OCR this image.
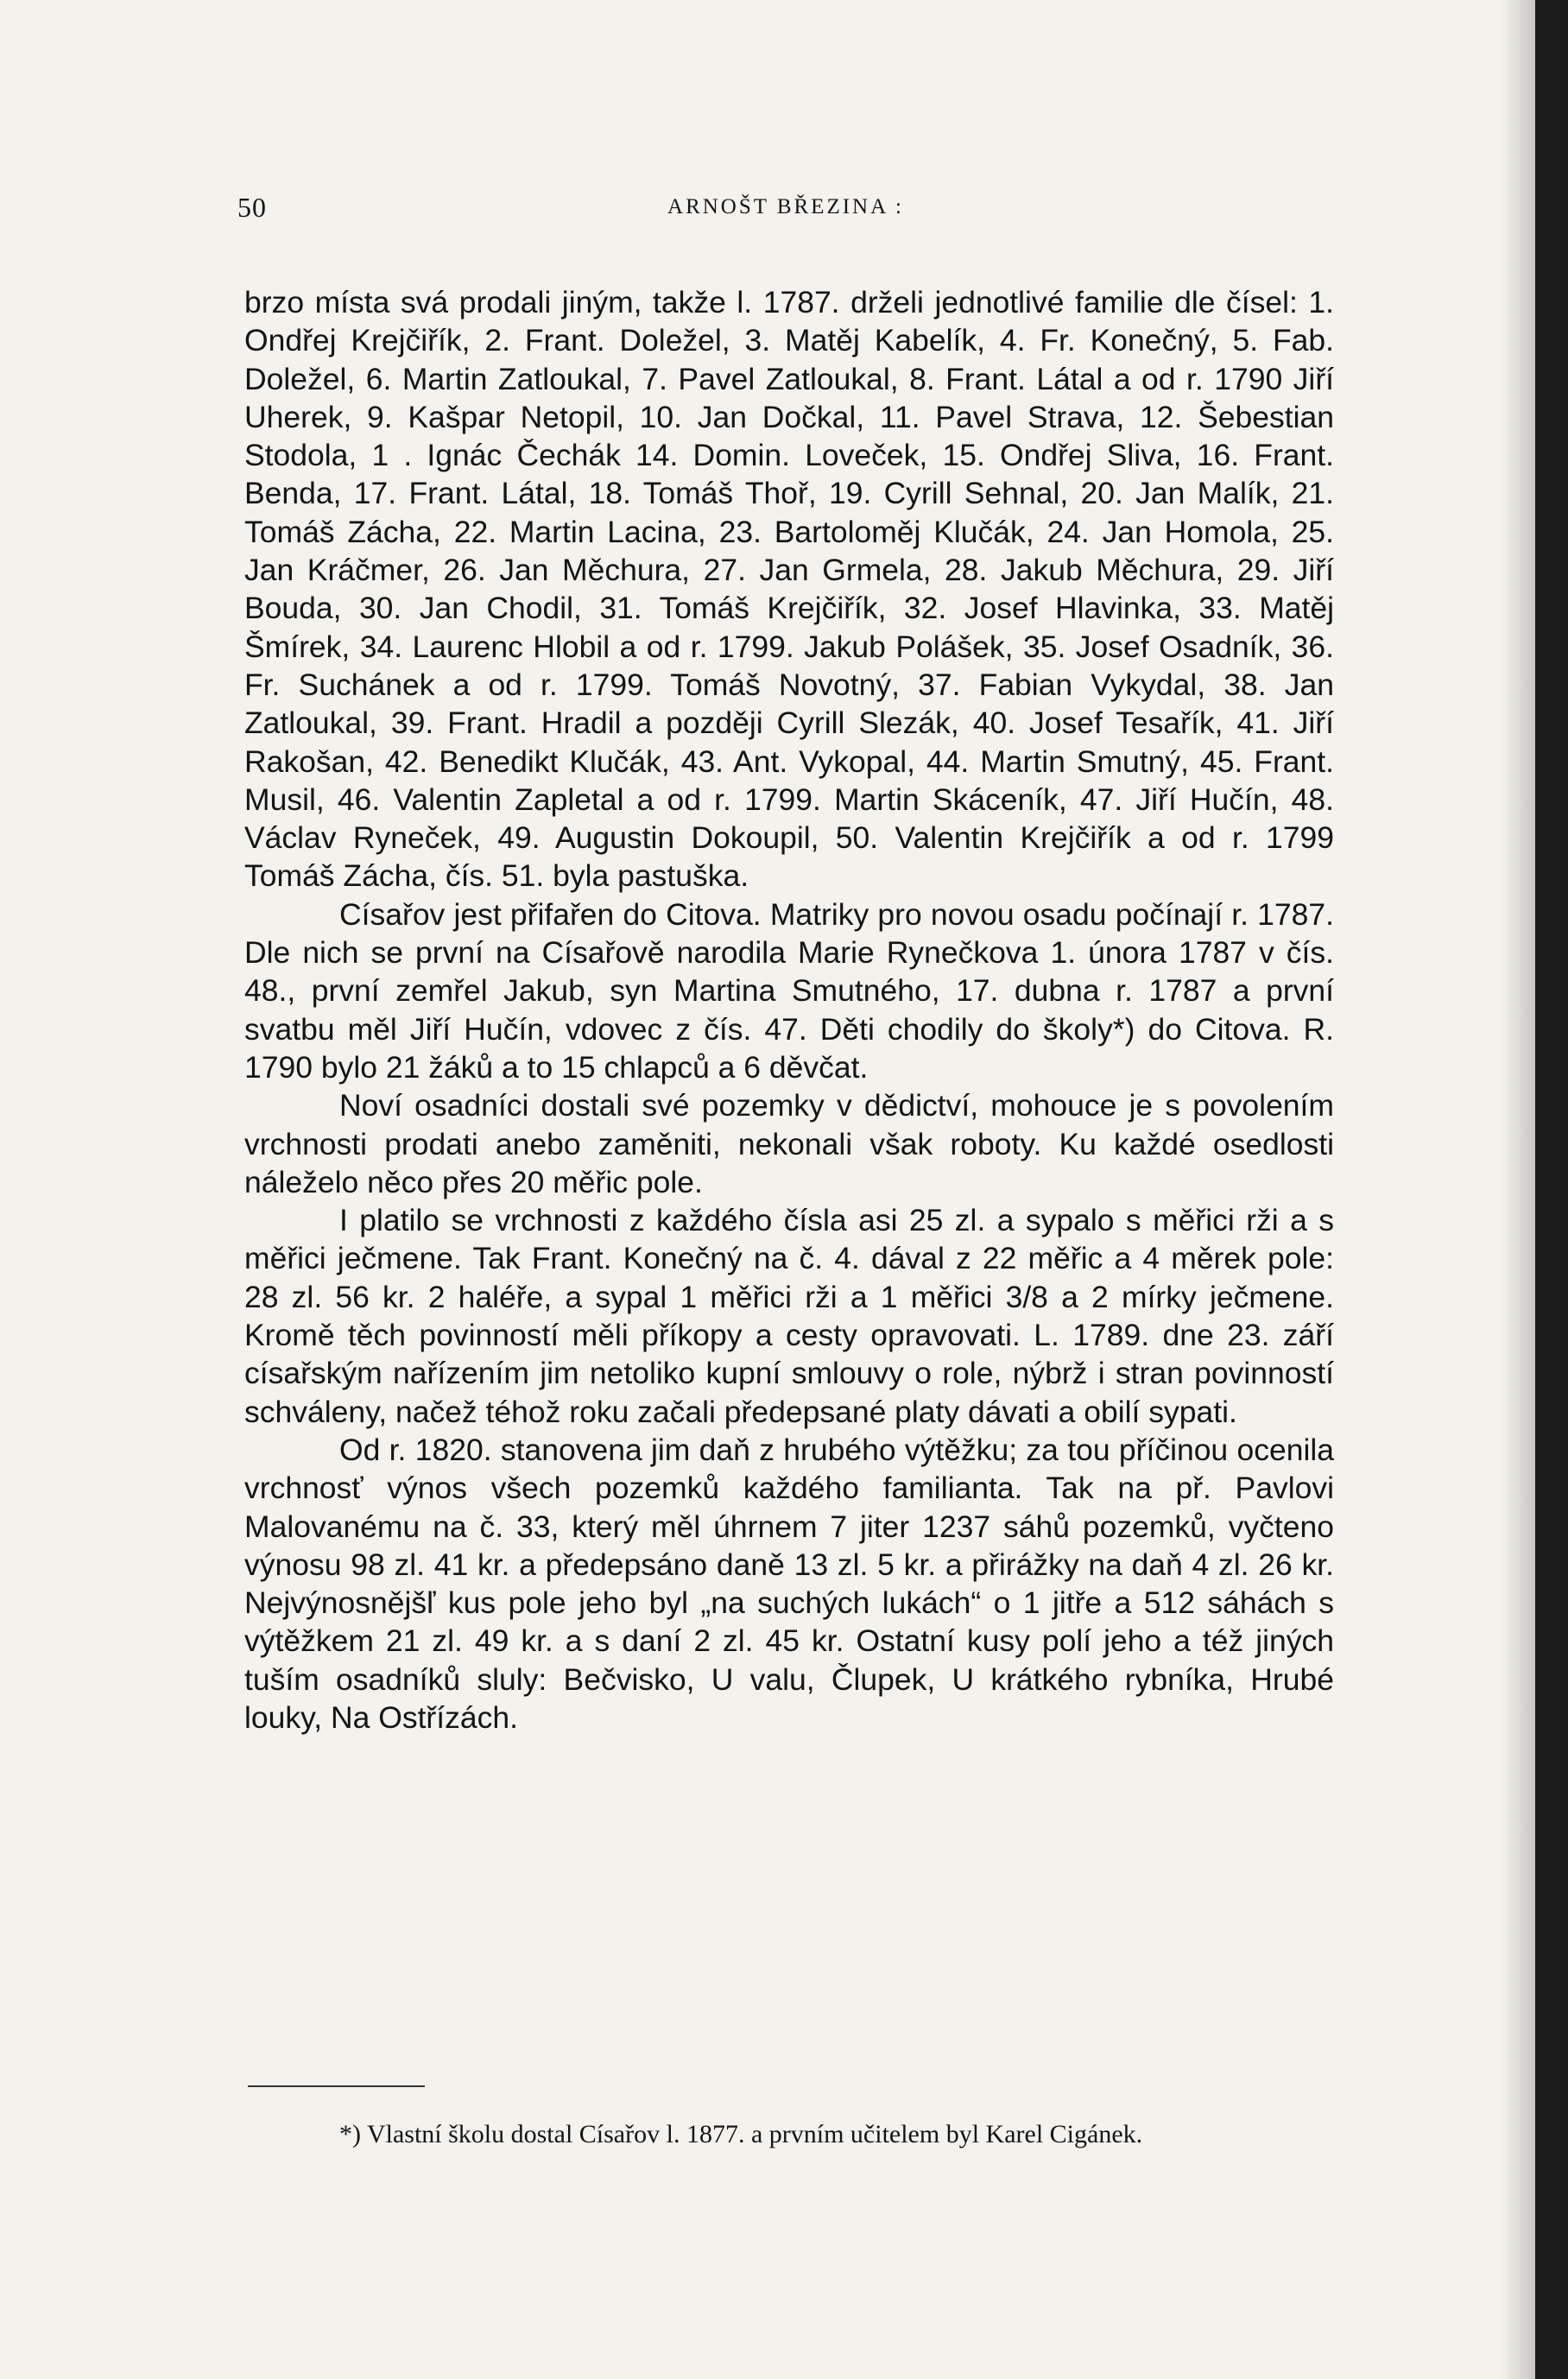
50	ARNOŠT BŘEZINA :

brzo místa svá prodali jiným, takže l. 1787. drželi jednotlivé familie dle čísel: 1. Ondřej Krejčiřík, 2. Frant. Doležel, 3. Matěj Kabelík, 4. Fr. Konečný, 5. Fab. Doležel, 6. Martin Zatloukal, 7. Pavel Zatloukal, 8. Frant. Látal a od r. 1790 Jiří Uherek, 9. Kašpar Netopil, 10. Jan Dočkal, 11. Pavel Strava, 12. Šebestian Stodola, 1 . Ignác Čechák 14. Domin. Loveček, 15. Ondřej Sliva, 16. Frant. Benda, 17. Frant. Látal, 18. Tomáš Thoř, 19. Cyrill Sehnal, 20. Jan Malík, 21. Tomáš Zácha, 22. Martin Lacina, 23. Bartoloměj Klučák, 24. Jan Homola, 25. Jan Kráčmer, 26. Jan Měchura, 27. Jan Grmela, 28. Jakub Měchura, 29. Jiří Bouda, 30. Jan Chodil, 31. Tomáš Krejčiřík, 32. Josef Hlavinka, 33. Matěj Šmírek, 34. Laurenc Hlobil a od r. 1799. Jakub Polášek, 35. Josef Osadník, 36. Fr. Suchánek a od r. 1799. Tomáš Novotný, 37. Fabian Vykydal, 38. Jan Zatloukal, 39. Frant. Hradil a později Cyrill Slezák, 40. Josef Tesařík, 41. Jiří Rakošan, 42. Benedikt Klučák, 43. Ant. Vykopal, 44. Martin Smutný, 45. Frant. Musil, 46. Valentin Zapletal a od r. 1799. Martin Skáceník, 47. Jiří Hučín, 48. Václav Ryneček, 49. Augustin Dokoupil, 50. Valentin Krejčiřík a od r. 1799 Tomáš Zácha, čís. 51. byla pastuška.

Císařov jest přifařen do Citova. Matriky pro novou osadu počínají r. 1787. Dle nich se první na Císařově narodila Marie Rynečkova 1. února 1787 v čís. 48., první zemřel Jakub, syn Martina Smutného, 17. dubna r. 1787 a první svatbu měl Jiří Hučín, vdovec z čís. 47. Děti chodily do školy*) do Citova. R. 1790 bylo 21 žáků a to 15 chlapců a 6 děvčat.

Noví osadníci dostali své pozemky v dědictví, mohouce je s povolením vrchnosti prodati anebo zaměniti, nekonali však roboty. Ku každé osedlosti náleželo něco přes 20 měřic pole.

I platilo se vrchnosti z každého čísla asi 25 zl. a sypalo s měřici rži a s měřici ječmene. Tak Frant. Konečný na č. 4. dával z 22 měřic a 4 měrek pole: 28 zl. 56 kr. 2 haléře, a sypal 1 měřici rži a 1 měřici 3/8 a 2 mírky ječmene. Kromě těch povinností měli příkopy a cesty opravovati. L. 1789. dne 23. září císařským nařízením jim netoliko kupní smlouvy o role, nýbrž i stran povinností schváleny, načež téhož roku začali předepsané platy dávati a obilí sypati.

Od r. 1820. stanovena jim daň z hrubého výtěžku; za tou příčinou ocenila vrchnosť výnos všech pozemků každého familianta. Tak na př. Pavlovi Malovanému na č. 33, který měl úhrnem 7 jiter 1237 sáhů pozemků, vyčteno výnosu 98 zl. 41 kr. a předepsáno daně 13 zl. 5 kr. a přirážky na daň 4 zl. 26 kr. Nejvýnosnějšľ kus pole jeho byl „na suchých lukách“ o 1 jitře a 512 sáhách s výtěžkem 21 zl. 49 kr. a s daní 2 zl. 45 kr. Ostatní kusy polí jeho a též jiných tuším osadníků sluly: Bečvisko, U valu, Člupek, U krátkého rybníka, Hrubé louky, Na Ostřízách.

*) Vlastní školu dostal Císařov l. 1877. a prvním učitelem byl Karel Cigánek.
